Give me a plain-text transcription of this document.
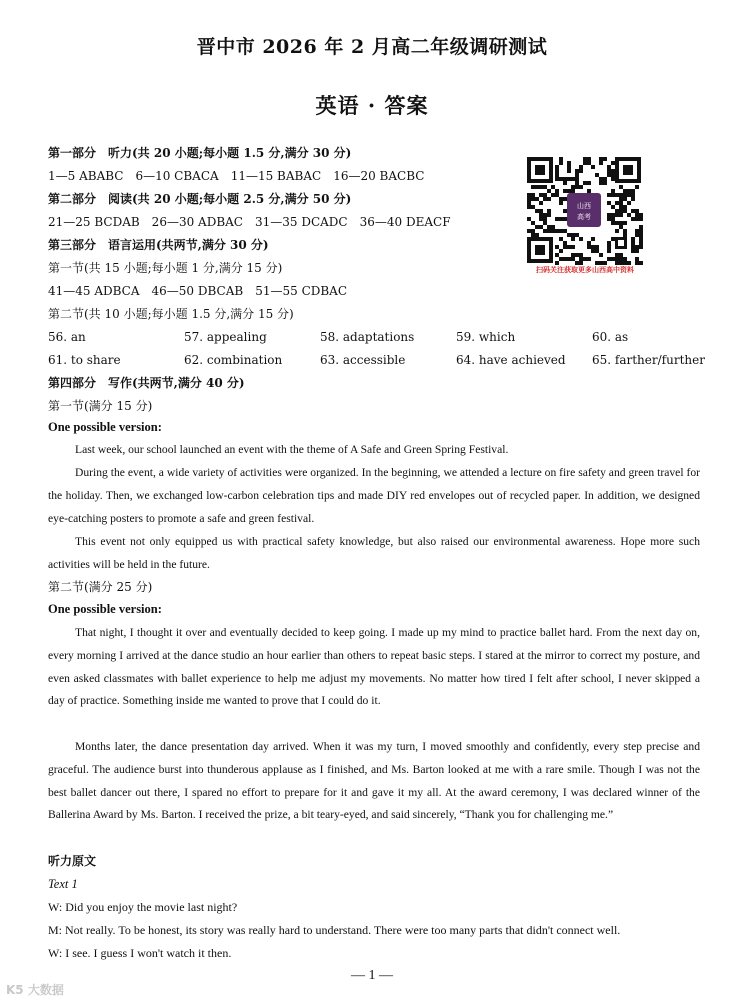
晋中市 2026 年 2 月高二年级调研测试
英语 · 答案
第一部分　听力(共 20 小题;每小题 1.5 分,满分 30 分)
1—5 ABABC　6—10 CBACA　11—15 BABAC　16—20 BACBC
第二部分　阅读(共 20 小题;每小题 2.5 分,满分 50 分)
21—25 BCDAB　26—30 ADBAC　31—35 DCADC　36—40 DEACF
第三部分　语言运用(共两节,满分 30 分)
第一节(共 15 小题;每小题 1 分,满分 15 分)
41—45 ADBCA　46—50 DBCAB　51—55 CDBAC
第二节(共 10 小题;每小题 1.5 分,满分 15 分)
56. an	57. appealing	58. adaptations	59. which	60. as
61. to share	62. combination	63. accessible	64. have achieved 65. farther/further
第四部分　写作(共两节,满分 40 分)
第一节(满分 15 分)
One possible version:
Last week, our school launched an event with the theme of A Safe and Green Spring Festival.
During the event, a wide variety of activities were organized. In the beginning, we attended a lecture on fire safety and green travel for the holiday. Then, we exchanged low-carbon celebration tips and made DIY red envelopes out of recycled paper. In addition, we designed eye-catching posters to promote a safe and green festival.
This event not only equipped us with practical safety knowledge, but also raised our environmental awareness. Hope more such activities will be held in the future.
第二节(满分 25 分)
One possible version:
That night, I thought it over and eventually decided to keep going. I made up my mind to practice ballet hard. From the next day on, every morning I arrived at the dance studio an hour earlier than others to repeat basic steps. I stared at the mirror to correct my posture, and even asked classmates with ballet experience to help me adjust my movements. No matter how tired I felt after school, I never skipped a day of practice. Something inside me wanted to prove that I could do it.
Months later, the dance presentation day arrived. When it was my turn, I moved smoothly and confidently, every step precise and graceful. The audience burst into thunderous applause as I finished, and Ms. Barton looked at me with a rare smile. Though I was not the best ballet dancer out there, I spared no effort to prepare for it and gave it my all. At the award ceremony, I was declared winner of the Ballerina Award by Ms. Barton. I received the prize, a bit teary-eyed, and said sincerely, “Thank you for challenging me.”
听力原文
Text 1
W: Did you enjoy the movie last night?
M: Not really. To be honest, its story was really hard to understand. There were too many parts that didn't connect well.
W: I see. I guess I won't watch it then.
山西
高考
扫码关注获取更多山西高中资料
— 1 —
K5 大数据
